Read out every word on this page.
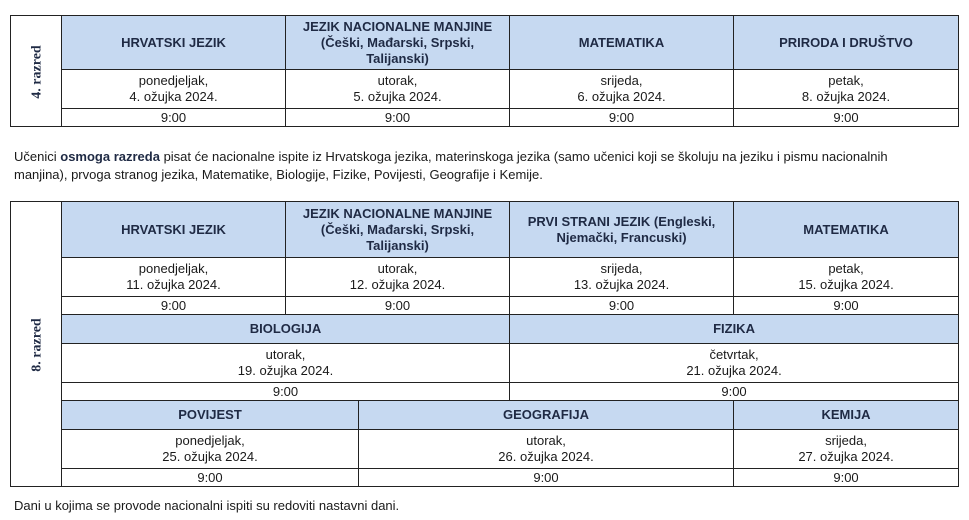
4. razred	HRVATSKI JEZIK	JEZIK NACIONALNE MANJINE (Češki, Mađarski, Srpski, Talijanski)	MATEMATIKA	PRIRODA I DRUŠTVO
	ponedjeljak,
4. ožujka 2024.	utorak,
5. ožujka 2024.	srijeda,
6. ožujka 2024.	petak,
8. ožujka 2024.
	9:00	9:00	9:00	9:00
Učenici osmoga razreda pisat će nacionalne ispite iz Hrvatskoga jezika, materinskoga jezika (samo učenici koji se školuju na jeziku i pismu nacionalnih manjina), prvoga stranog jezika, Matematike, Biologije, Fizike, Povijesti, Geografije i Kemije.
8. razred	HRVATSKI JEZIK	JEZIK NACIONALNE MANJINE (Češki, Mađarski, Srpski, Talijanski)		PRVI STRANI JEZIK (Engleski, Njemački, Francuski)	MATEMATIKA
	ponedjeljak,
11. ožujka 2024.	utorak,
12. ožujka 2024.		srijeda,
13. ožujka 2024.	petak,
15. ožujka 2024.
	9:00	9:00		9:00	9:00
	BIOLOGIJA			FIZIKA	
	utorak,
19. ožujka 2024.			četvrtak,
21. ožujka 2024.	
	9:00			9:00	
	POVIJEST		GEOGRAFIJA		KEMIJA
	ponedjeljak,
25. ožujka 2024.		utorak,
26. ožujka 2024.		srijeda,
27. ožujka 2024.
	9:00		9:00		9:00
Dani u kojima se provode nacionalni ispiti su redoviti nastavni dani.
